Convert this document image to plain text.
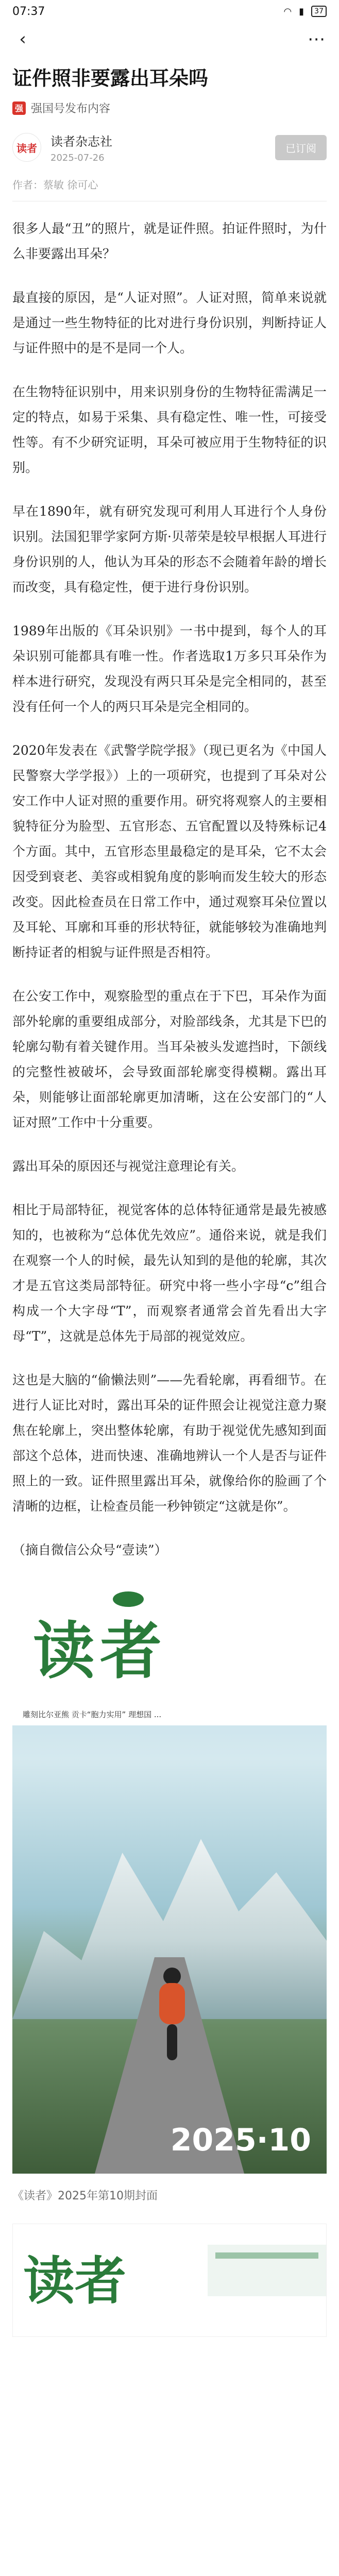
07:37	◠ ▮	37
‹	⋯
证件照非要露出耳朵吗
强 强国号发布内容
读者	读者杂志社
2025-07-26
已订阅
作者：蔡敏 徐可心

很多人最“丑”的照片，就是证件照。拍证件照时，为什么非要露出耳朵？

最直接的原因，是“人证对照”。人证对照，简单来说就是通过一些生物特征的比对进行身份识别，判断持证人与证件照中的是不是同一个人。

在生物特征识别中，用来识别身份的生物特征需满足一定的特点，如易于采集、具有稳定性、唯一性，可接受性等。有不少研究证明，耳朵可被应用于生物特征的识别。

早在1890年，就有研究发现可利用人耳进行个人身份识别。法国犯罪学家阿方斯·贝蒂荣是较早根据人耳进行身份识别的人，他认为耳朵的形态不会随着年龄的增长而改变，具有稳定性，便于进行身份识别。

1989年出版的《耳朵识别》一书中提到，每个人的耳朵识别可能都具有唯一性。作者选取1万多只耳朵作为样本进行研究，发现没有两只耳朵是完全相同的，甚至没有任何一个人的两只耳朵是完全相同的。

2020年发表在《武警学院学报》（现已更名为《中国人民警察大学学报》）上的一项研究，也提到了耳朵对公安工作中人证对照的重要作用。研究将观察人的主要相貌特征分为脸型、五官形态、五官配置以及特殊标记4个方面。其中，五官形态里最稳定的是耳朵，它不太会因受到衰老、美容或相貌角度的影响而发生较大的形态改变。因此检查员在日常工作中，通过观察耳朵位置以及耳轮、耳廓和耳垂的形状特征，就能够较为准确地判断持证者的相貌与证件照是否相符。

在公安工作中，观察脸型的重点在于下巴，耳朵作为面部外轮廓的重要组成部分，对脸部线条，尤其是下巴的轮廓勾勒有着关键作用。当耳朵被头发遮挡时，下颌线的完整性被破坏，会导致面部轮廓变得模糊。露出耳朵，则能够让面部轮廓更加清晰，这在公安部门的“人证对照”工作中十分重要。

露出耳朵的原因还与视觉注意理论有关。

相比于局部特征，视觉客体的总体特征通常是最先被感知的，也被称为“总体优先效应”。通俗来说，就是我们在观察一个人的时候，最先认知到的是他的轮廓，其次才是五官这类局部特征。研究中将一些小字母“c”组合构成一个大字母“T”，而观察者通常会首先看出大字母“T”，这就是总体先于局部的视觉效应。

这也是大脑的“偷懒法则”——先看轮廓，再看细节。在进行人证比对时，露出耳朵的证件照会让视觉注意力聚焦在轮廓上，突出整体轮廓，有助于视觉优先感知到面部这个总体，进而快速、准确地辨认一个人是否与证件照上的一致。证件照里露出耳朵，就像给你的脸画了个清晰的边框，让检查员能一秒钟锁定“这就是你”。

（摘自微信公众号“壹读”）

读者
雕刻比尔亚熊 贡卡“胞力实用” 理想国 ...
2025·10
《读者》2025年第10期封面
读者
